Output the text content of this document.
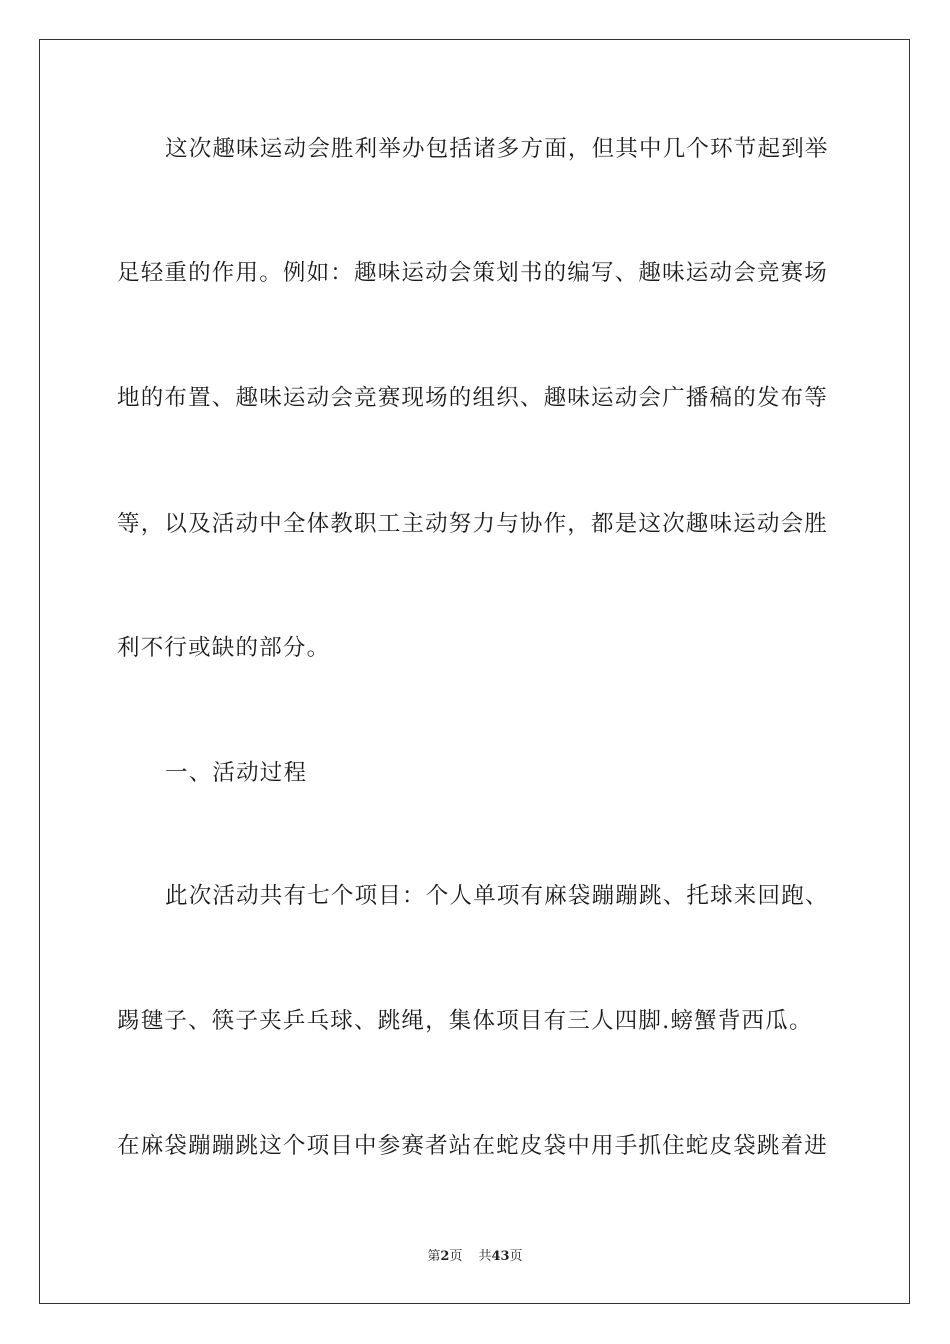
这次趣味运动会胜利举办包括诸多方面，但其中几个环节起到举
足轻重的作用。例如：趣味运动会策划书的编写、趣味运动会竞赛场
地的布置、趣味运动会竞赛现场的组织、趣味运动会广播稿的发布等
等，以及活动中全体教职工主动努力与协作，都是这次趣味运动会胜
利不行或缺的部分。
一、活动过程
此次活动共有七个项目：个人单项有麻袋蹦蹦跳、托球来回跑、
踢毽子、筷子夹乒乓球、跳绳，集体项目有三人四脚.螃蟹背西瓜。
在麻袋蹦蹦跳这个项目中参赛者站在蛇皮袋中用手抓住蛇皮袋跳着进
第2页 共43页
